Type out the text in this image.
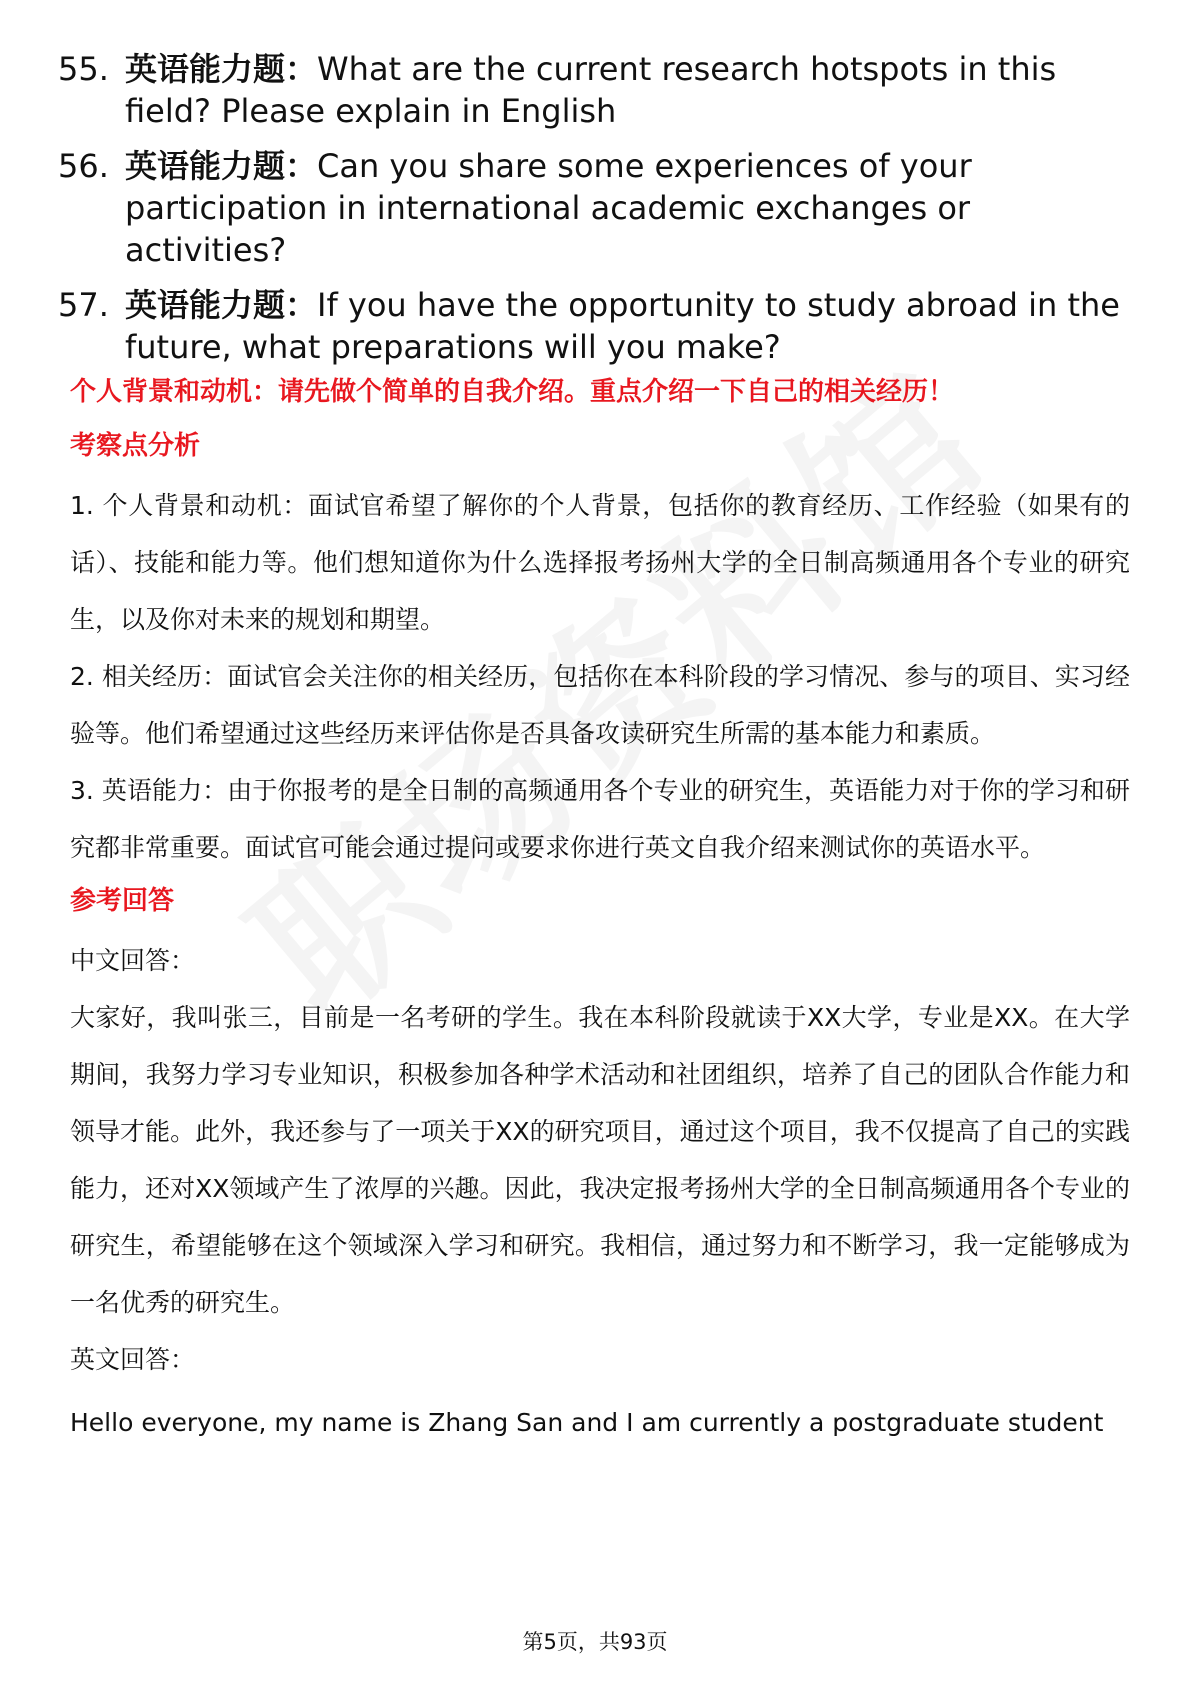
55. 英语能力题：What are the current research hotspots in this field? Please explain in English
56. 英语能力题：Can you share some experiences of your participation in international academic exchanges or activities?
57. 英语能力题：If you have the opportunity to study abroad in the future, what preparations will you make?

个人背景和动机：请先做个简单的自我介绍。重点介绍一下自己的相关经历！

考察点分析

1. 个人背景和动机：面试官希望了解你的个人背景，包括你的教育经历、工作经验（如果有的话）、技能和能力等。他们想知道你为什么选择报考扬州大学的全日制高频通用各个专业的研究生，以及你对未来的规划和期望。

2. 相关经历：面试官会关注你的相关经历，包括你在本科阶段的学习情况、参与的项目、实习经验等。他们希望通过这些经历来评估你是否具备攻读研究生所需的基本能力和素质。

3. 英语能力：由于你报考的是全日制的高频通用各个专业的研究生，英语能力对于你的学习和研究都非常重要。面试官可能会通过提问或要求你进行英文自我介绍来测试你的英语水平。

参考回答

中文回答：

大家好，我叫张三，目前是一名考研的学生。我在本科阶段就读于XX大学，专业是XX。在大学期间，我努力学习专业知识，积极参加各种学术活动和社团组织，培养了自己的团队合作能力和领导才能。此外，我还参与了一项关于XX的研究项目，通过这个项目，我不仅提高了自己的实践能力，还对XX领域产生了浓厚的兴趣。因此，我决定报考扬州大学的全日制高频通用各个专业的研究生，希望能够在这个领域深入学习和研究。我相信，通过努力和不断学习，我一定能够成为一名优秀的研究生。

英文回答：

Hello everyone, my name is Zhang San and I am currently a postgraduate student

第5页，共93页
